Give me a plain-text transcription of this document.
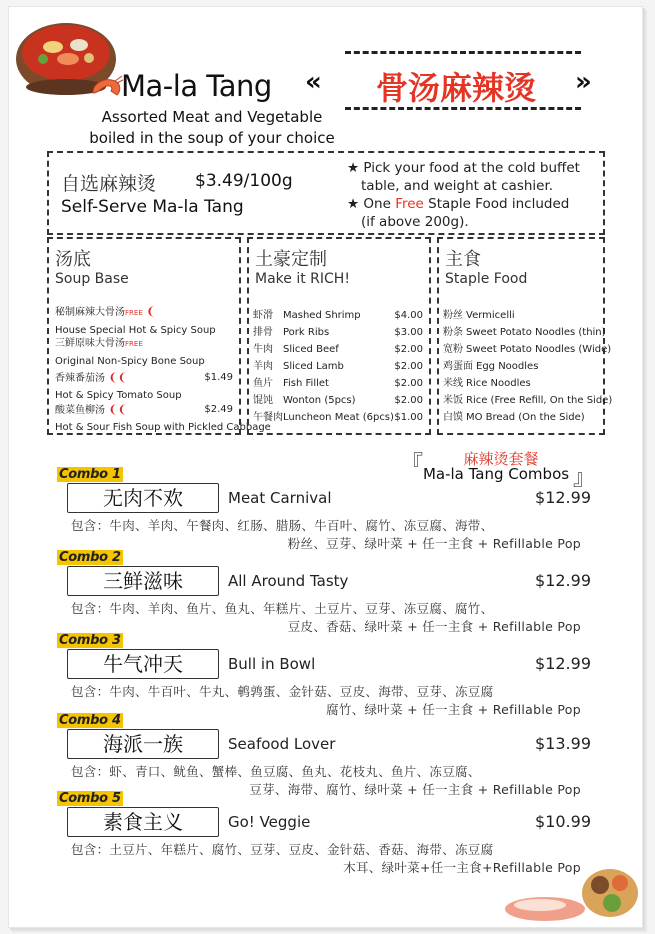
Ma-la Tang «	»
骨汤麻辣烫
Assorted Meat and Vegetable
boiled in the soup of your choice
自选麻辣烫 $3.49/100g
Self-Serve Ma-la Tang
★ Pick your food at the cold buffet
table, and weight at cashier.
★ One Free Staple Food included
(if above 200g).
汤底
Soup Base
秘制麻辣大骨汤FREE ❨
House Special Hot & Spicy Soup
三鲜原味大骨汤FREE
Original Non-Spicy Bone Soup
香辣番茄汤 ❨❨	$1.49

Hot & Spicy Tomato Soup
酸菜鱼柳汤 ❨❨	$2.49

Hot & Sour Fish Soup with Pickled Cabbage
土豪定制
Make it RICH!
虾滑 Mashed Shrimp	$4.00
排骨 Pork Ribs	$3.00
牛肉 Sliced Beef	$2.00
羊肉 Sliced Lamb	$2.00
鱼片 Fish Fillet	$2.00
馄饨 Wonton (5pcs)	$2.00
午餐肉Luncheon Meat (6pcs) $1.00
主食
Staple Food
粉丝 Vermicelli
粉条 Sweet Potato Noodles (thin)
宽粉 Sweet Potato Noodles (Wide)
鸡蛋面 Egg Noodles
米线 Rice Noodles
米饭 Rice (Free Refill, On the Side)
白馍 MO Bread (On the Side)
『	麻辣烫套餐
Ma-la Tang Combos 』
Combo 1
无肉不欢	Meat Carnival	$12.99
包含：牛肉、羊肉、午餐肉、红肠、腊肠、牛百叶、腐竹、冻豆腐、海带、
粉丝、豆芽、绿叶菜 + 任一主食 + Refillable Pop
Combo 2
三鲜滋味	All Around Tasty	$12.99
包含：牛肉、羊肉、鱼片、鱼丸、年糕片、土豆片、豆芽、冻豆腐、腐竹、
豆皮、香菇、绿叶菜 + 任一主食 + Refillable Pop
Combo 3
牛气冲天	Bull in Bowl	$12.99
包含：牛肉、牛百叶、牛丸、鹌鹑蛋、金针菇、豆皮、海带、豆芽、冻豆腐
腐竹、绿叶菜 + 任一主食 + Refillable Pop
Combo 4
海派一族	Seafood Lover	$13.99
包含：虾、青口、鱿鱼、蟹棒、鱼豆腐、鱼丸、花枝丸、鱼片、冻豆腐、
豆芽、海带、腐竹、绿叶菜 + 任一主食 + Refillable Pop
Combo 5
素食主义	Go! Veggie	$10.99
包含：土豆片、年糕片、腐竹、豆芽、豆皮、金针菇、香菇、海带、冻豆腐
木耳、绿叶菜+任一主食+Refillable Pop
